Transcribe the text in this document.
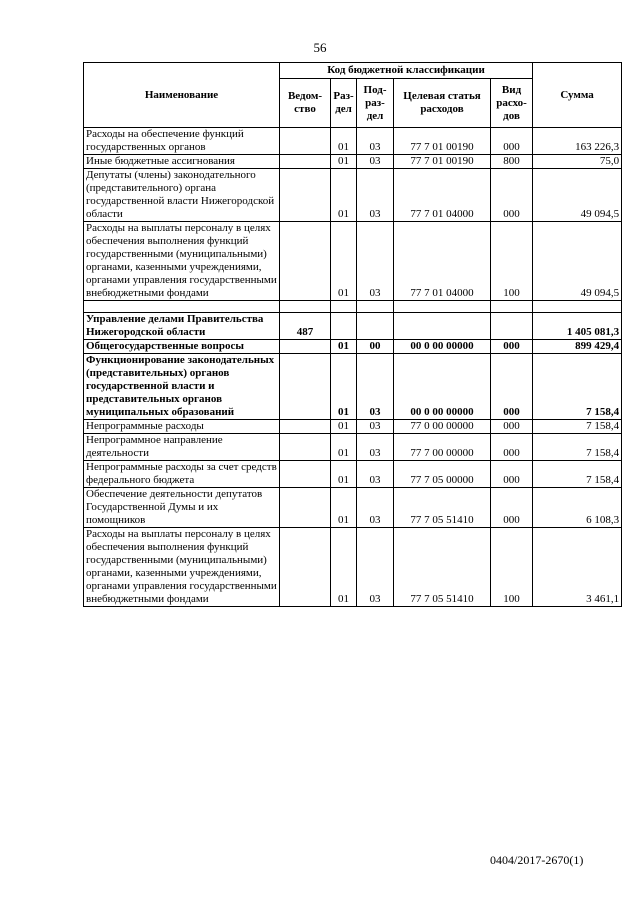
56
Наименование	Код бюджетной классификации					Сумма
	Ведом-ство	Раз-дел	Под-раз-дел	Целевая статья расходов	Вид расхо-дов	
Расходы на обеспечение функций государственных органов		01	03	77 7 01 00190	000	163 226,3
Иные бюджетные ассигнования		01	03	77 7 01 00190	800	75,0
Депутаты (члены) законодательного (представительного) органа государственной власти Нижегородской области		01	03	77 7 01 04000	000	49 094,5
Расходы на выплаты персоналу в целях обеспечения выполнения функций государственными (муниципальными) органами, казенными учреждениями, органами управления государственными внебюджетными фондами		01	03	77 7 01 04000	100	49 094,5

Управление делами Правительства Нижегородской области	487					1 405 081,3
Общегосударственные вопросы		01	00	00 0 00 00000	000	899 429,4
Функционирование законодательных (представительных) органов государственной власти и представительных органов муниципальных образований		01	03	00 0 00 00000	000	7 158,4
Непрограммные расходы		01	03	77 0 00 00000	000	7 158,4
Непрограммное направление деятельности		01	03	77 7 00 00000	000	7 158,4
Непрограммные расходы за счет средств федерального бюджета		01	03	77 7 05 00000	000	7 158,4
Обеспечение деятельности депутатов Государственной Думы и их помощников		01	03	77 7 05 51410	000	6 108,3
Расходы на выплаты персоналу в целях обеспечения выполнения функций государственными (муниципальными) органами, казенными учреждениями, органами управления государственными внебюджетными фондами		01	03	77 7 05 51410	100	3 461,1
0404/2017-2670(1)
